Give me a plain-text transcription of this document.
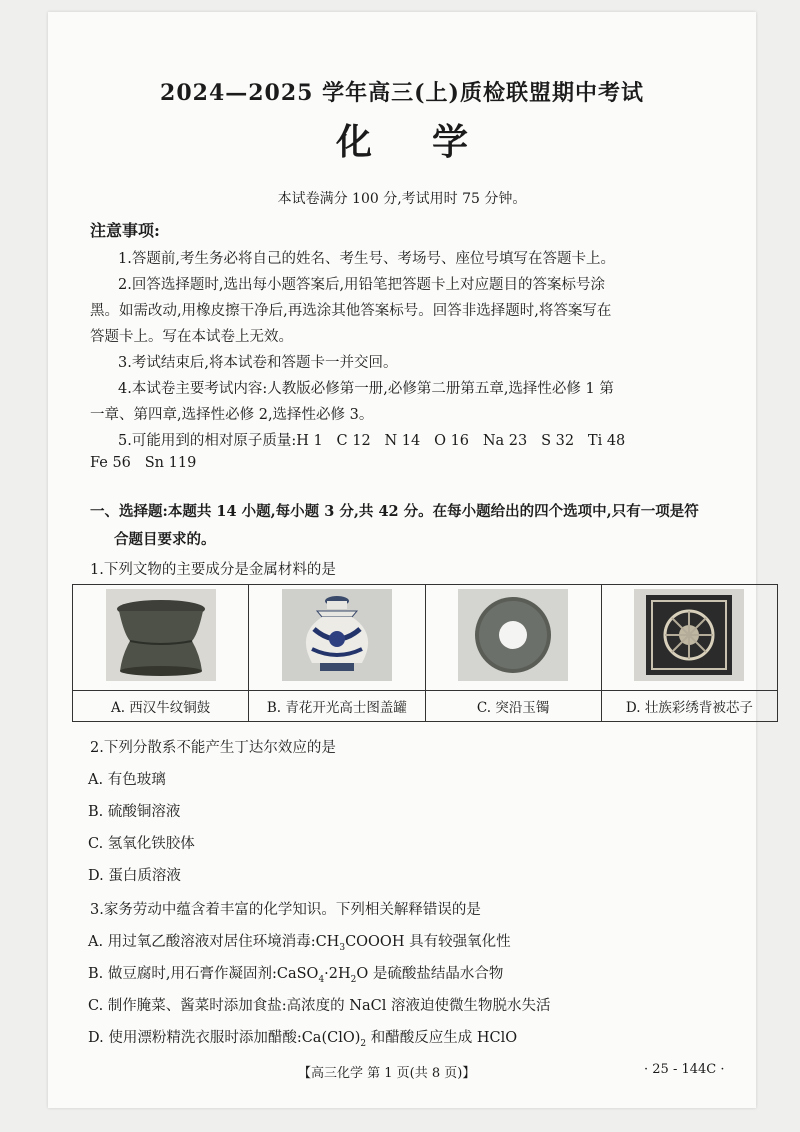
2024—2025 学年高三(上)质检联盟期中考试
化学
本试卷满分 100 分,考试用时 75 分钟。
注意事项:
1.答题前,考生务必将自己的姓名、考生号、考场号、座位号填写在答题卡上。
2.回答选择题时,选出每小题答案后,用铅笔把答题卡上对应题目的答案标号涂
黑。如需改动,用橡皮擦干净后,再选涂其他答案标号。回答非选择题时,将答案写在
答题卡上。写在本试卷上无效。
3.考试结束后,将本试卷和答题卡一并交回。
4.本试卷主要考试内容:人教版必修第一册,必修第二册第五章,选择性必修 1 第
一章、第四章,选择性必修 2,选择性必修 3。
5.可能用到的相对原子质量:H 1   C 12   N 14   O 16   Na 23   S 32   Ti 48
Fe 56   Sn 119
一、选择题:本题共 14 小题,每小题 3 分,共 42 分。在每小题给出的四个选项中,只有一项是符
合题目要求的。
1.下列文物的主要成分是金属材料的是

A. 西汉牛纹铜鼓	B. 青花开光高士图盖罐	C. 突沿玉镯	D. 壮族彩绣背被芯子
2.下列分散系不能产生丁达尔效应的是
A. 有色玻璃
B. 硫酸铜溶液
C. 氢氧化铁胶体
D. 蛋白质溶液
3.家务劳动中蕴含着丰富的化学知识。下列相关解释错误的是
A. 用过氧乙酸溶液对居住环境消毒$:CH_3COOOH$ 具有较强氧化性
B. 做豆腐时,用石膏作凝固剂$:CaSO_4\cdot 2H_2O$ 是硫酸盐结晶水合物
C. 制作腌菜、酱菜时添加食盐:高浓度的 NaCl 溶液迫使微生物脱水失活
D. 使用漂粉精洗衣服时添加醋酸$:Ca(ClO)_2$ 和醋酸反应生成 HClO
【高三化学 第 1 页(共 8 页)】	· 25 - 144C ·
